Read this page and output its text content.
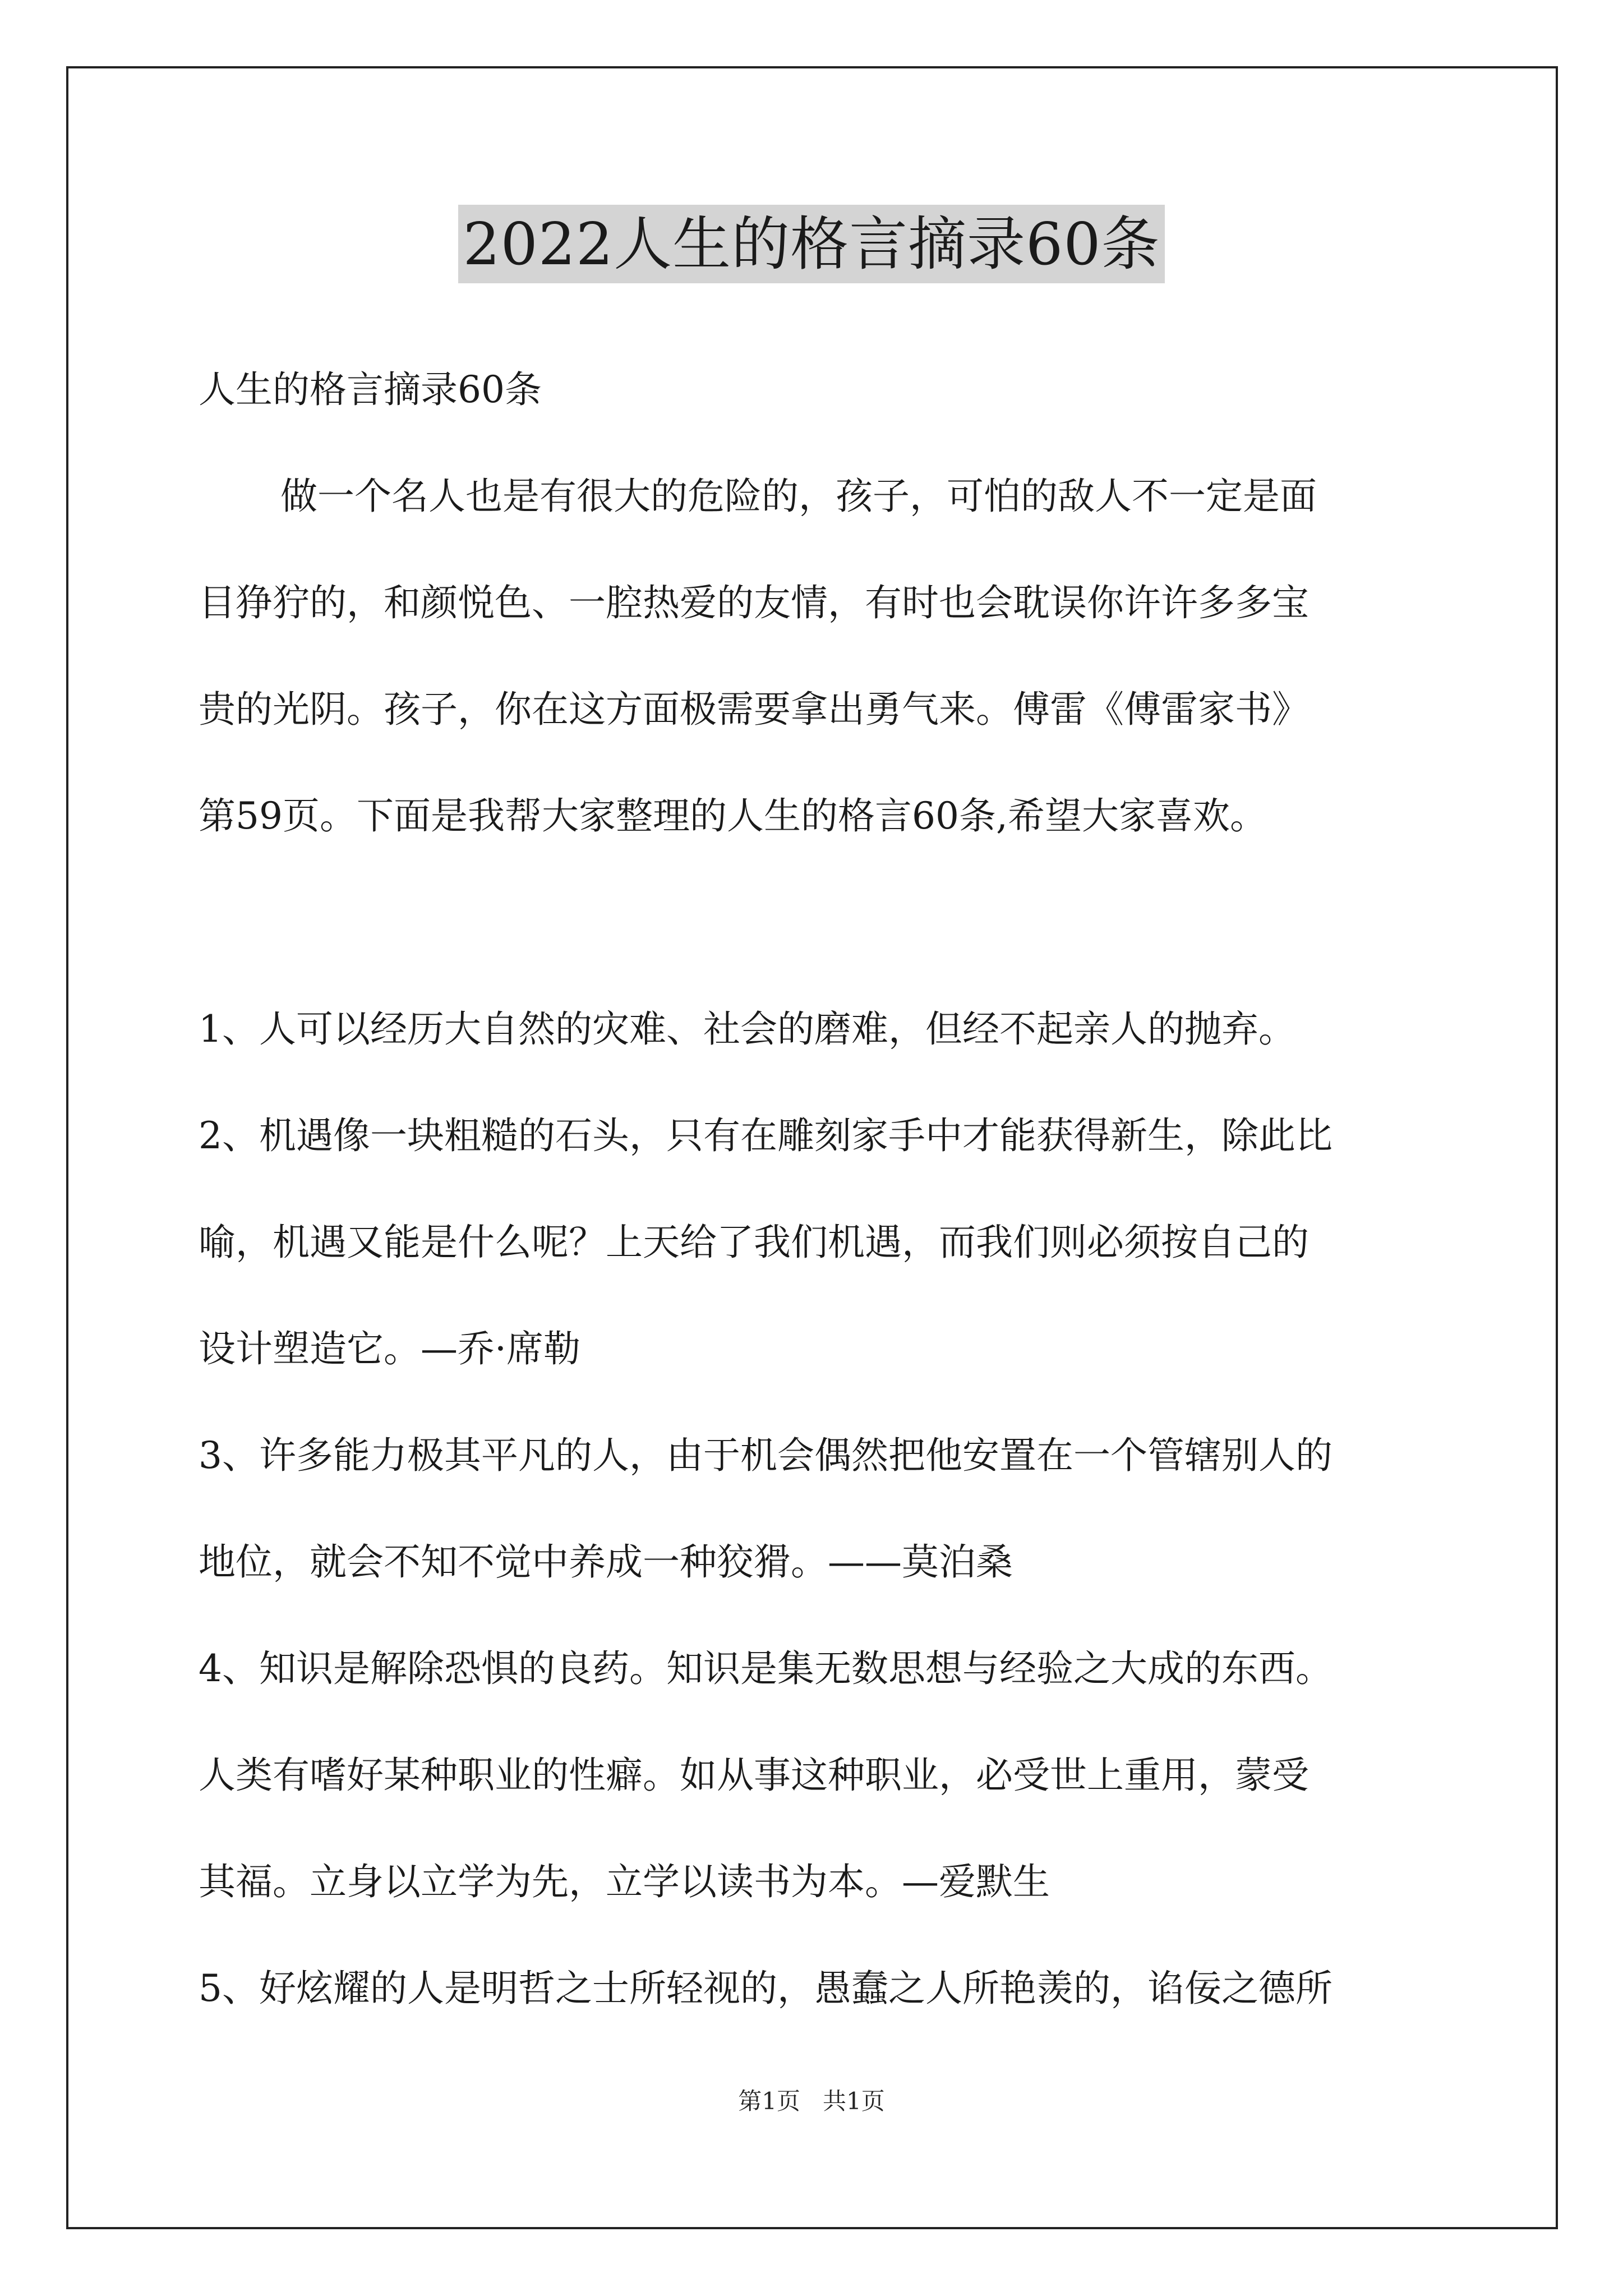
2022人生的格言摘录60条

人生的格言摘录60条

做一个名人也是有很大的危险的，孩子，可怕的敌人不一定是面

目狰狞的，和颜悦色、一腔热爱的友情，有时也会耽误你许许多多宝

贵的光阴。孩子，你在这方面极需要拿出勇气来。傅雷《傅雷家书》

第59页。下面是我帮大家整理的人生的格言60条,希望大家喜欢。

1、人可以经历大自然的灾难、社会的磨难，但经不起亲人的抛弃。

2、机遇像一块粗糙的石头，只有在雕刻家手中才能获得新生，除此比

喻，机遇又能是什么呢？上天给了我们机遇，而我们则必须按自己的

设计塑造它。—乔·席勒

3、许多能力极其平凡的人，由于机会偶然把他安置在一个管辖别人的

地位，就会不知不觉中养成一种狡猾。——莫泊桑

4、知识是解除恐惧的良药。知识是集无数思想与经验之大成的东西。

人类有嗜好某种职业的性癖。如从事这种职业，必受世上重用，蒙受

其福。立身以立学为先，立学以读书为本。—爱默生

5、好炫耀的人是明哲之士所轻视的，愚蠢之人所艳羡的，谄佞之德所

第1页 共1页
